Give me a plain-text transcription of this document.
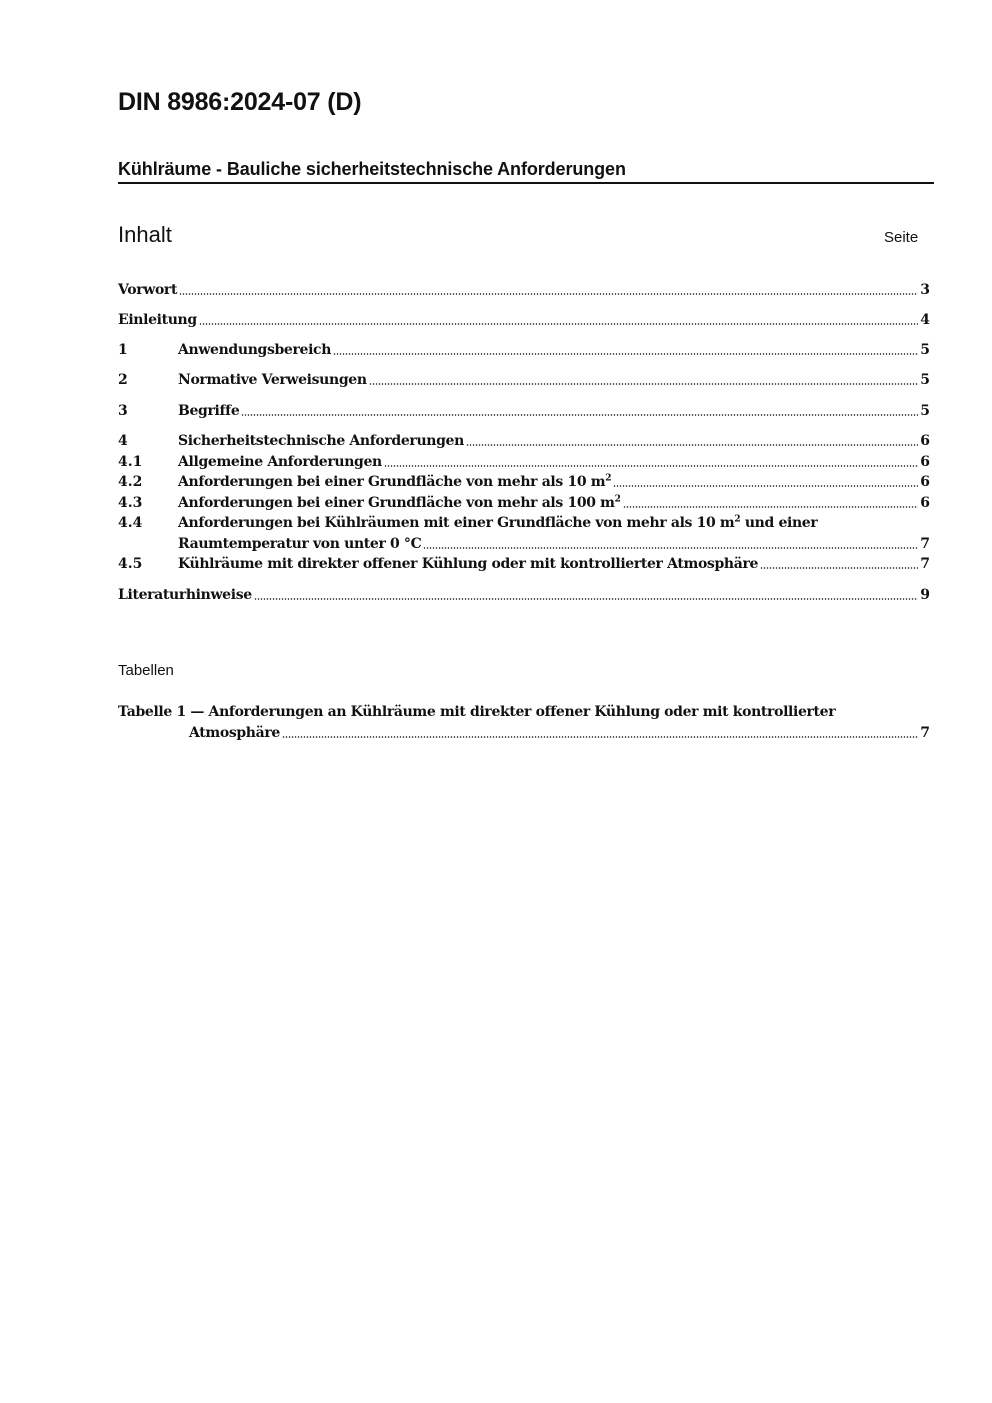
DIN 8986:2024-07 (D)
Kühlräume - Bauliche sicherheitstechnische Anforderungen
Inhalt	Seite
Vorwort	3
Einleitung	4
1	Anwendungsbereich	5
2	Normative Verweisungen	5
3	Begriffe	5
4	Sicherheitstechnische Anforderungen	6
4.1	Allgemeine Anforderungen	6
4.2	Anforderungen bei einer Grundfläche von mehr als 10 $m^2$	6
4.3	Anforderungen bei einer Grundfläche von mehr als 100 $m^2$	6
4.4	Anforderungen bei Kühlräumen mit einer Grundfläche von mehr als 10 $m^2$ und einer
Raumtemperatur von unter 0 °C	7
4.5	Kühlräume mit direkter offener Kühlung oder mit kontrollierter Atmosphäre	7
Literaturhinweise	9
Tabellen
Tabelle 1 — Anforderungen an Kühlräume mit direkter offener Kühlung oder mit kontrollierter
Atmosphäre	7
